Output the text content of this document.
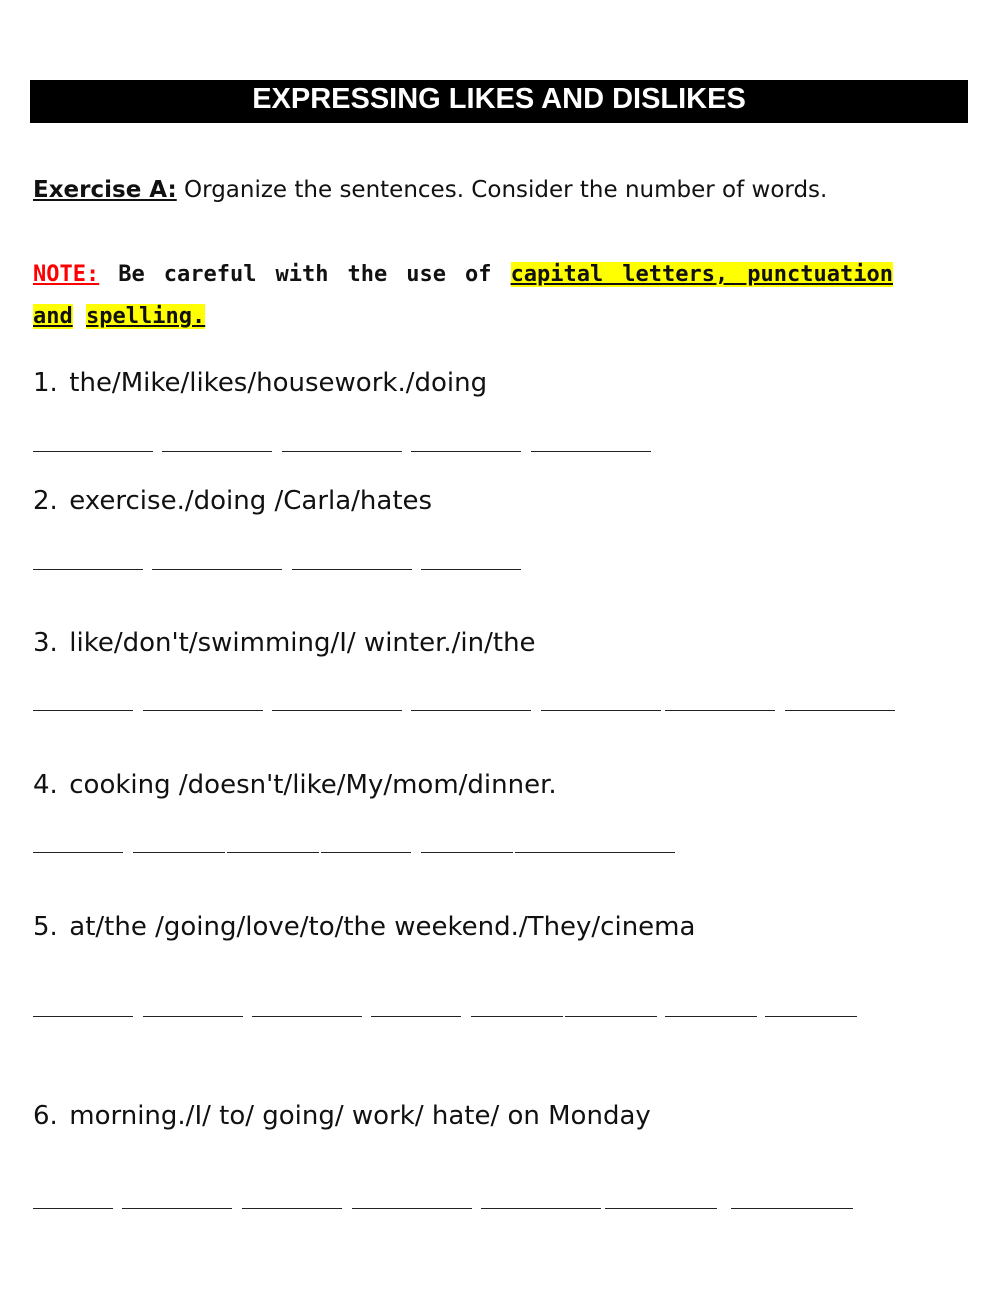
EXPRESSING LIKES AND DISLIKES
Exercise A: Organize the sentences. Consider the number of words.
NOTE: Be careful with the use of capital letters, punctuation and spelling.
1. the/Mike/likes/housework./doing
2. exercise./doing /Carla/hates
3. like/don't/swimming/I/ winter./in/the
4. cooking /doesn't/like/My/mom/dinner.
5. at/the /going/love/to/the weekend./They/cinema
6. morning./I/ to/ going/ work/ hate/ on Monday
